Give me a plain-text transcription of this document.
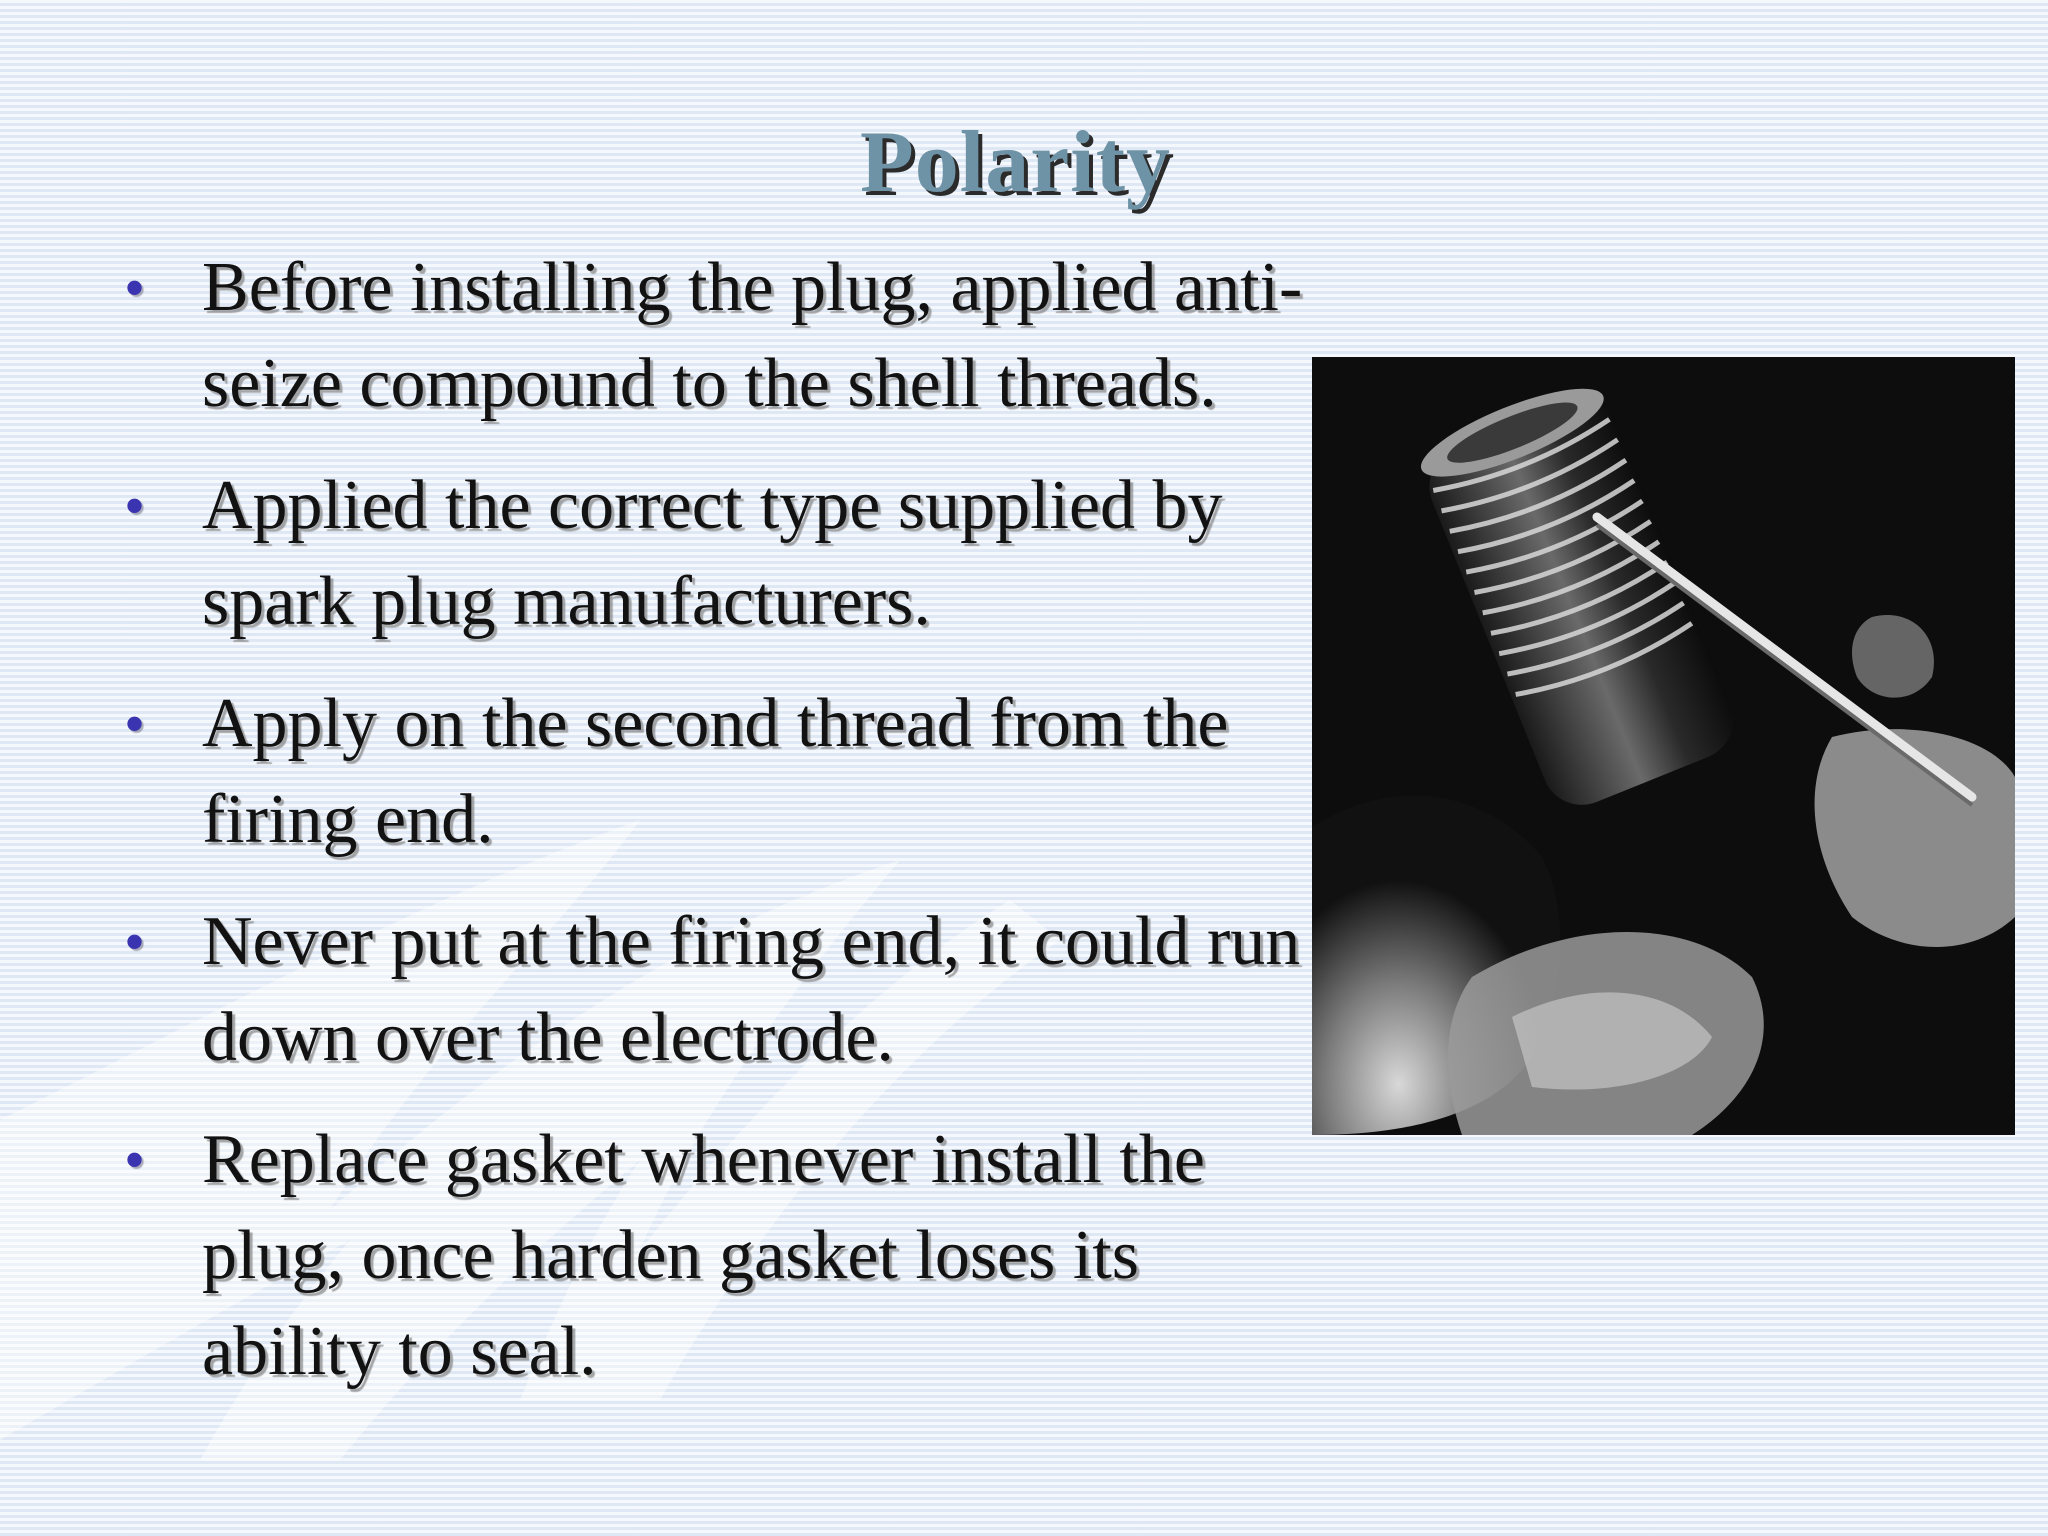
Polarity
• Before installing the plug, applied anti-seize compound to the shell threads.
• Applied the correct type supplied by spark plug manufacturers.
• Apply on the second thread from the firing end.
• Never put at the firing end, it could run down over the electrode.
• Replace gasket whenever install the plug, once harden gasket loses its ability to seal.
